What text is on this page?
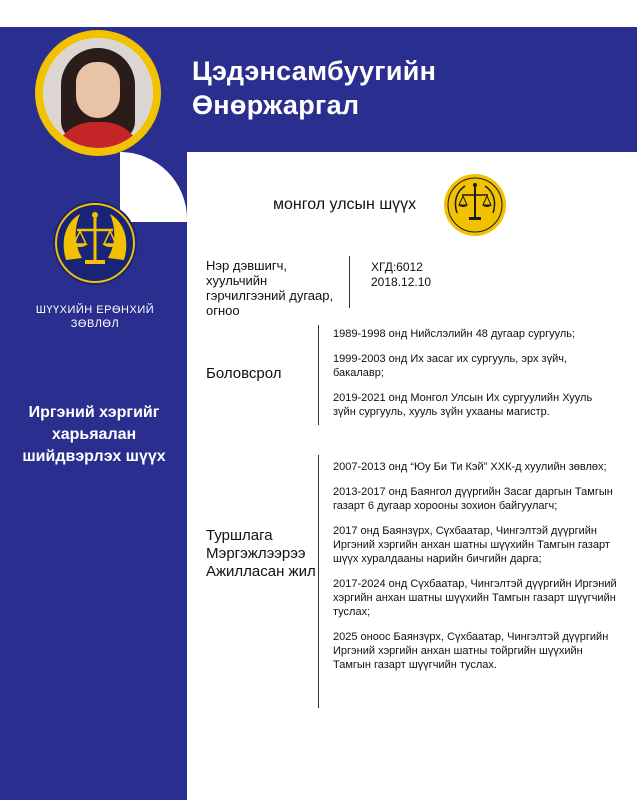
Цэдэнсамбуугийн
Өнөржаргал
ШҮҮХИЙН ЕРӨНХИЙ
ЗӨВЛӨЛ
Иргэний хэргийг
харьяалан
шийдвэрлэх шүүх
монгол улсын шүүх
Нэр дэвшигч,
хуульчийн
гэрчилгээний дугаар,
огноо
ХГД:6012
2018.12.10
Боловсрол
1989-1998 онд Нийслэлийн 48 дугаар сургууль;
1999-2003 онд Их засаг их сургууль, эрх зүйч, бакалавр;
2019-2021 онд Монгол Улсын Их сургуулийн Хууль зүйн сургууль, хууль зүйн ухааны магистр.
Туршлага
Мэргэжлээрээ
Ажилласан жил
2007-2013 онд “Юу Би Ти Кэй” ХХК-д хуулийн зөвлөх;
2013-2017 онд Баянгол дүүргийн Засаг даргын Тамгын газарт 6 дугаар хорооны зохион байгуулагч;
2017 онд Баянзүрх, Сүхбаатар, Чингэлтэй дүүргийн Иргэний хэргийн анхан шатны шүүхийн Тамгын газарт шүүх хуралдааны нарийн бичгийн дарга;
2017-2024 онд Сүхбаатар, Чингэлтэй дүүргийн Иргэний хэргийн анхан шатны шүүхийн Тамгын газарт шүүгчийн туслах;
2025 оноос Баянзүрх, Сүхбаатар, Чингэлтэй дүүргийн Иргэний хэргийн анхан шатны тойргийн шүүхийн Тамгын газарт шүүгчийн туслах.
